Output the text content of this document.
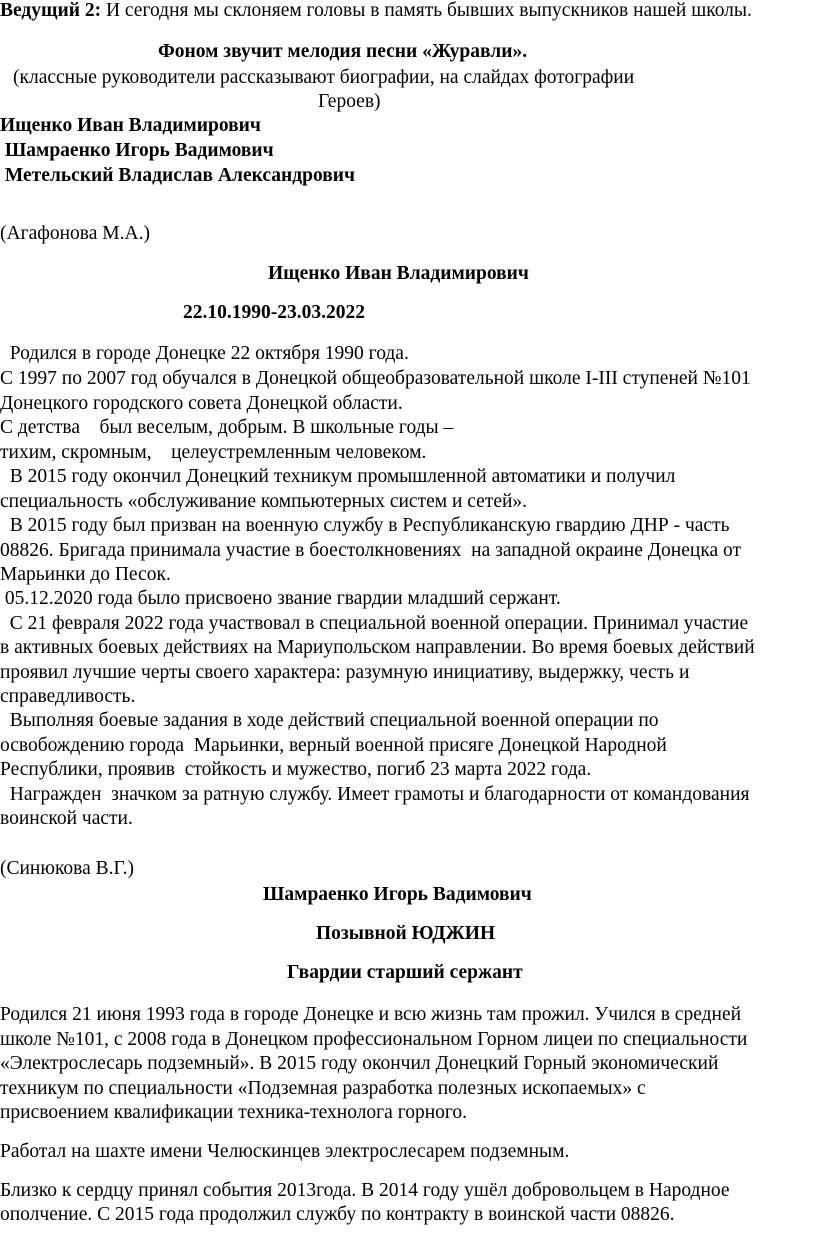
Ведущий 2: И сегодня мы склоняем головы в память бывших выпускников нашей школы.
Фоном звучит мелодия песни «Журавли».
(классные руководители рассказывают биографии, на слайдах фотографии
Героев)
Ищенко Иван Владимирович
Шамраенко Игорь Вадимович
Метельский Владислав Александрович
(Агафонова М.А.)
Ищенко Иван Владимирович
22.10.1990-23.03.2022
Родился в городе Донецке 22 октября 1990 года.
С 1997 по 2007 год обучался в Донецкой общеобразовательной школе I-III ступеней №101
Донецкого городского совета Донецкой области.
С детства    был веселым, добрым. В школьные годы –
тихим, скромным,    целеустремленным человеком.
В 2015 году окончил Донецкий техникум промышленной автоматики и получил
специальность «обслуживание компьютерных систем и сетей».
В 2015 году был призван на военную службу в Республиканскую гвардию ДНР - часть
08826. Бригада принимала участие в боестолкновениях  на западной окраине Донецка от
Марьинки до Песок.
05.12.2020 года было присвоено звание гвардии младший сержант.
С 21 февраля 2022 года участвовал в специальной военной операции. Принимал участие
в активных боевых действиях на Мариупольском направлении. Во время боевых действий
проявил лучшие черты своего характера: разумную инициативу, выдержку, честь и
справедливость.
Выполняя боевые задания в ходе действий специальной военной операции по
освобождению города  Марьинки, верный военной присяге Донецкой Народной
Республики, проявив  стойкость и мужество, погиб 23 марта 2022 года.
Награжден  значком за ратную службу. Имеет грамоты и благодарности от командования
воинской части.
(Синюкова В.Г.)
Шамраенко Игорь Вадимович
Позывной ЮДЖИН
Гвардии старший сержант
Родился 21 июня 1993 года в городе Донецке и всю жизнь там прожил. Учился в средней
школе №101, с 2008 года в Донецком профессиональном Горном лицеи по специальности
«Электрослесарь подземный». В 2015 году окончил Донецкий Горный экономический
техникум по специальности «Подземная разработка полезных ископаемых» с
присвоением квалификации техника-технолога горного.
Работал на шахте имени Челюскинцев электрослесарем подземным.
Близко к сердцу принял события 2013года. В 2014 году ушёл добровольцем в Народное
ополчение. С 2015 года продолжил службу по контракту в воинской части 08826.
